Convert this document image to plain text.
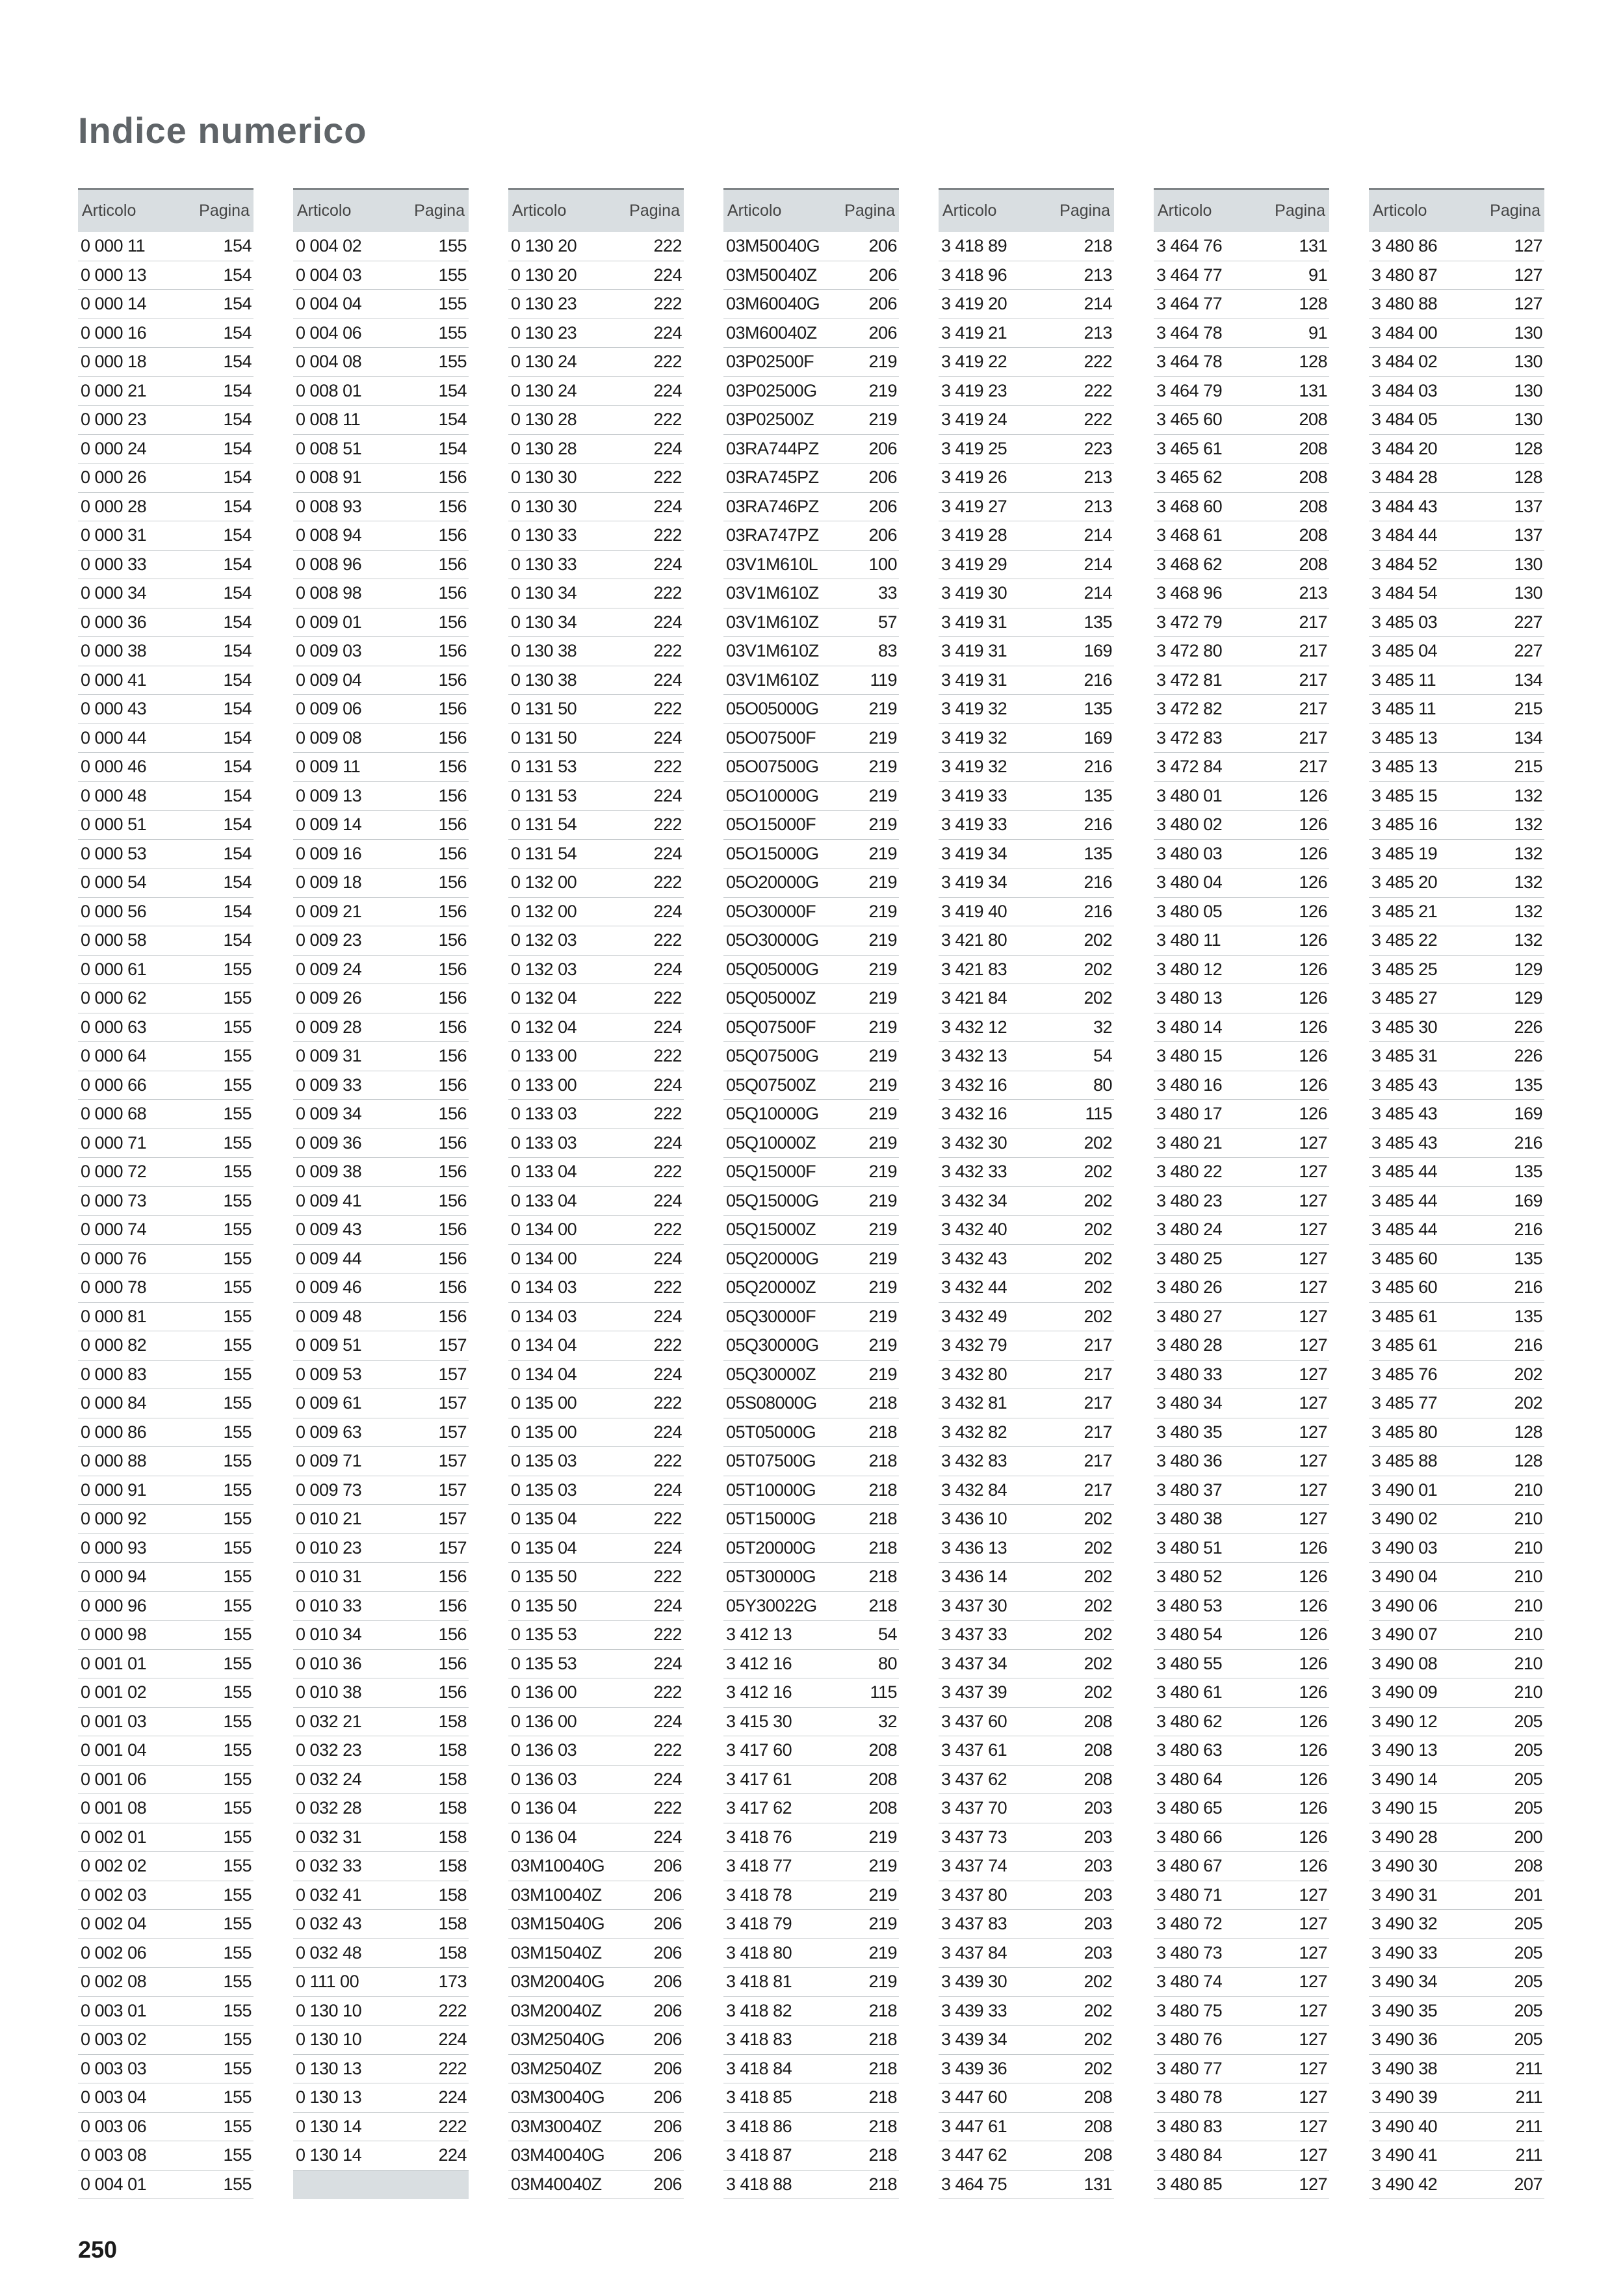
Indice numerico
Articolo	Pagina
0 000 11	154
0 000 13	154
0 000 14	154
0 000 16	154
0 000 18	154
0 000 21	154
0 000 23	154
0 000 24	154
0 000 26	154
0 000 28	154
0 000 31	154
0 000 33	154
0 000 34	154
0 000 36	154
0 000 38	154
0 000 41	154
0 000 43	154
0 000 44	154
0 000 46	154
0 000 48	154
0 000 51	154
0 000 53	154
0 000 54	154
0 000 56	154
0 000 58	154
0 000 61	155
0 000 62	155
0 000 63	155
0 000 64	155
0 000 66	155
0 000 68	155
0 000 71	155
0 000 72	155
0 000 73	155
0 000 74	155
0 000 76	155
0 000 78	155
0 000 81	155
0 000 82	155
0 000 83	155
0 000 84	155
0 000 86	155
0 000 88	155
0 000 91	155
0 000 92	155
0 000 93	155
0 000 94	155
0 000 96	155
0 000 98	155
0 001 01	155
0 001 02	155
0 001 03	155
0 001 04	155
0 001 06	155
0 001 08	155
0 002 01	155
0 002 02	155
0 002 03	155
0 002 04	155
0 002 06	155
0 002 08	155
0 003 01	155
0 003 02	155
0 003 03	155
0 003 04	155
0 003 06	155
0 003 08	155
0 004 01	155
Articolo	Pagina
0 004 02	155
0 004 03	155
0 004 04	155
0 004 06	155
0 004 08	155
0 008 01	154
0 008 11	154
0 008 51	154
0 008 91	156
0 008 93	156
0 008 94	156
0 008 96	156
0 008 98	156
0 009 01	156
0 009 03	156
0 009 04	156
0 009 06	156
0 009 08	156
0 009 11	156
0 009 13	156
0 009 14	156
0 009 16	156
0 009 18	156
0 009 21	156
0 009 23	156
0 009 24	156
0 009 26	156
0 009 28	156
0 009 31	156
0 009 33	156
0 009 34	156
0 009 36	156
0 009 38	156
0 009 41	156
0 009 43	156
0 009 44	156
0 009 46	156
0 009 48	156
0 009 51	157
0 009 53	157
0 009 61	157
0 009 63	157
0 009 71	157
0 009 73	157
0 010 21	157
0 010 23	157
0 010 31	156
0 010 33	156
0 010 34	156
0 010 36	156
0 010 38	156
0 032 21	158
0 032 23	158
0 032 24	158
0 032 28	158
0 032 31	158
0 032 33	158
0 032 41	158
0 032 43	158
0 032 48	158
0 111 00	173
0 130 10	222
0 130 10	224
0 130 13	222
0 130 13	224
0 130 14	222
0 130 14	224
Articolo	Pagina
0 130 20	222
0 130 20	224
0 130 23	222
0 130 23	224
0 130 24	222
0 130 24	224
0 130 28	222
0 130 28	224
0 130 30	222
0 130 30	224
0 130 33	222
0 130 33	224
0 130 34	222
0 130 34	224
0 130 38	222
0 130 38	224
0 131 50	222
0 131 50	224
0 131 53	222
0 131 53	224
0 131 54	222
0 131 54	224
0 132 00	222
0 132 00	224
0 132 03	222
0 132 03	224
0 132 04	222
0 132 04	224
0 133 00	222
0 133 00	224
0 133 03	222
0 133 03	224
0 133 04	222
0 133 04	224
0 134 00	222
0 134 00	224
0 134 03	222
0 134 03	224
0 134 04	222
0 134 04	224
0 135 00	222
0 135 00	224
0 135 03	222
0 135 03	224
0 135 04	222
0 135 04	224
0 135 50	222
0 135 50	224
0 135 53	222
0 135 53	224
0 136 00	222
0 136 00	224
0 136 03	222
0 136 03	224
0 136 04	222
0 136 04	224
03M10040G	206
03M10040Z	206
03M15040G	206
03M15040Z	206
03M20040G	206
03M20040Z	206
03M25040G	206
03M25040Z	206
03M30040G	206
03M30040Z	206
03M40040G	206
03M40040Z	206
Articolo	Pagina
03M50040G	206
03M50040Z	206
03M60040G	206
03M60040Z	206
03P02500F	219
03P02500G	219
03P02500Z	219
03RA744PZ	206
03RA745PZ	206
03RA746PZ	206
03RA747PZ	206
03V1M610L	100
03V1M610Z	33
03V1M610Z	57
03V1M610Z	83
03V1M610Z	119
05O05000G	219
05O07500F	219
05O07500G	219
05O10000G	219
05O15000F	219
05O15000G	219
05O20000G	219
05O30000F	219
05O30000G	219
05Q05000G	219
05Q05000Z	219
05Q07500F	219
05Q07500G	219
05Q07500Z	219
05Q10000G	219
05Q10000Z	219
05Q15000F	219
05Q15000G	219
05Q15000Z	219
05Q20000G	219
05Q20000Z	219
05Q30000F	219
05Q30000G	219
05Q30000Z	219
05S08000G	218
05T05000G	218
05T07500G	218
05T10000G	218
05T15000G	218
05T20000G	218
05T30000G	218
05Y30022G	218
3 412 13	54
3 412 16	80
3 412 16	115
3 415 30	32
3 417 60	208
3 417 61	208
3 417 62	208
3 418 76	219
3 418 77	219
3 418 78	219
3 418 79	219
3 418 80	219
3 418 81	219
3 418 82	218
3 418 83	218
3 418 84	218
3 418 85	218
3 418 86	218
3 418 87	218
3 418 88	218
Articolo	Pagina
3 418 89	218
3 418 96	213
3 419 20	214
3 419 21	213
3 419 22	222
3 419 23	222
3 419 24	222
3 419 25	223
3 419 26	213
3 419 27	213
3 419 28	214
3 419 29	214
3 419 30	214
3 419 31	135
3 419 31	169
3 419 31	216
3 419 32	135
3 419 32	169
3 419 32	216
3 419 33	135
3 419 33	216
3 419 34	135
3 419 34	216
3 419 40	216
3 421 80	202
3 421 83	202
3 421 84	202
3 432 12	32
3 432 13	54
3 432 16	80
3 432 16	115
3 432 30	202
3 432 33	202
3 432 34	202
3 432 40	202
3 432 43	202
3 432 44	202
3 432 49	202
3 432 79	217
3 432 80	217
3 432 81	217
3 432 82	217
3 432 83	217
3 432 84	217
3 436 10	202
3 436 13	202
3 436 14	202
3 437 30	202
3 437 33	202
3 437 34	202
3 437 39	202
3 437 60	208
3 437 61	208
3 437 62	208
3 437 70	203
3 437 73	203
3 437 74	203
3 437 80	203
3 437 83	203
3 437 84	203
3 439 30	202
3 439 33	202
3 439 34	202
3 439 36	202
3 447 60	208
3 447 61	208
3 447 62	208
3 464 75	131
Articolo	Pagina
3 464 76	131
3 464 77	91
3 464 77	128
3 464 78	91
3 464 78	128
3 464 79	131
3 465 60	208
3 465 61	208
3 465 62	208
3 468 60	208
3 468 61	208
3 468 62	208
3 468 96	213
3 472 79	217
3 472 80	217
3 472 81	217
3 472 82	217
3 472 83	217
3 472 84	217
3 480 01	126
3 480 02	126
3 480 03	126
3 480 04	126
3 480 05	126
3 480 11	126
3 480 12	126
3 480 13	126
3 480 14	126
3 480 15	126
3 480 16	126
3 480 17	126
3 480 21	127
3 480 22	127
3 480 23	127
3 480 24	127
3 480 25	127
3 480 26	127
3 480 27	127
3 480 28	127
3 480 33	127
3 480 34	127
3 480 35	127
3 480 36	127
3 480 37	127
3 480 38	127
3 480 51	126
3 480 52	126
3 480 53	126
3 480 54	126
3 480 55	126
3 480 61	126
3 480 62	126
3 480 63	126
3 480 64	126
3 480 65	126
3 480 66	126
3 480 67	126
3 480 71	127
3 480 72	127
3 480 73	127
3 480 74	127
3 480 75	127
3 480 76	127
3 480 77	127
3 480 78	127
3 480 83	127
3 480 84	127
3 480 85	127
Articolo	Pagina
3 480 86	127
3 480 87	127
3 480 88	127
3 484 00	130
3 484 02	130
3 484 03	130
3 484 05	130
3 484 20	128
3 484 28	128
3 484 43	137
3 484 44	137
3 484 52	130
3 484 54	130
3 485 03	227
3 485 04	227
3 485 11	134
3 485 11	215
3 485 13	134
3 485 13	215
3 485 15	132
3 485 16	132
3 485 19	132
3 485 20	132
3 485 21	132
3 485 22	132
3 485 25	129
3 485 27	129
3 485 30	226
3 485 31	226
3 485 43	135
3 485 43	169
3 485 43	216
3 485 44	135
3 485 44	169
3 485 44	216
3 485 60	135
3 485 60	216
3 485 61	135
3 485 61	216
3 485 76	202
3 485 77	202
3 485 80	128
3 485 88	128
3 490 01	210
3 490 02	210
3 490 03	210
3 490 04	210
3 490 06	210
3 490 07	210
3 490 08	210
3 490 09	210
3 490 12	205
3 490 13	205
3 490 14	205
3 490 15	205
3 490 28	200
3 490 30	208
3 490 31	201
3 490 32	205
3 490 33	205
3 490 34	205
3 490 35	205
3 490 36	205
3 490 38	211
3 490 39	211
3 490 40	211
3 490 41	211
3 490 42	207
250
